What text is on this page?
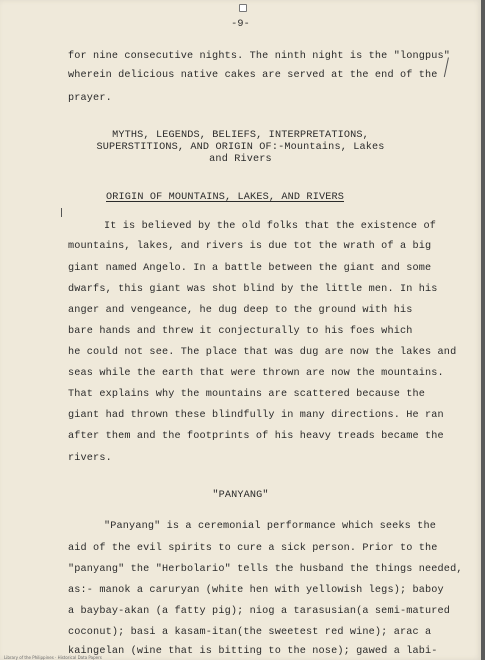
-9-
for nine consecutive nights. The ninth night is the "longpus"
wherein delicious native cakes are served at the end of the
prayer.
MYTHS, LEGENDS, BELIEFS, INTERPRETATIONS,
SUPERSTITIONS, AND ORIGIN OF:-Mountains, Lakes
and Rivers
ORIGIN OF MOUNTAINS, LAKES, AND RIVERS
It is believed by the old folks that the existence of
mountains, lakes, and rivers is due tot the wrath of a big
giant named Angelo. In a battle between the giant and some
dwarfs, this giant was shot blind by the little men. In his
anger and vengeance, he dug deep to the ground with his
bare hands and threw it conjecturally to his foes which
he could not see. The place that was dug are now the lakes and
seas while the earth that were thrown are now the mountains.
That explains why the mountains are scattered because the
giant had thrown these blindfully in many directions. He ran
after them and the footprints of his heavy treads became the
rivers.
"PANYANG"
"Panyang" is a ceremonial performance which seeks the
aid of the evil spirits to cure a sick person. Prior to the
"panyang" the "Herbolario" tells the husband the things needed,
as:- manok a caruryan (white hen with yellowish legs); baboy
a baybay-akan (a fatty pig); niog a tarasusian(a semi-matured
coconut); basi a kasam-itan(the sweetest red wine); arac a
kaingelan (wine that is bitting to the nose); gawed a labi-
Library of the Philippines · Historical Data Papers
